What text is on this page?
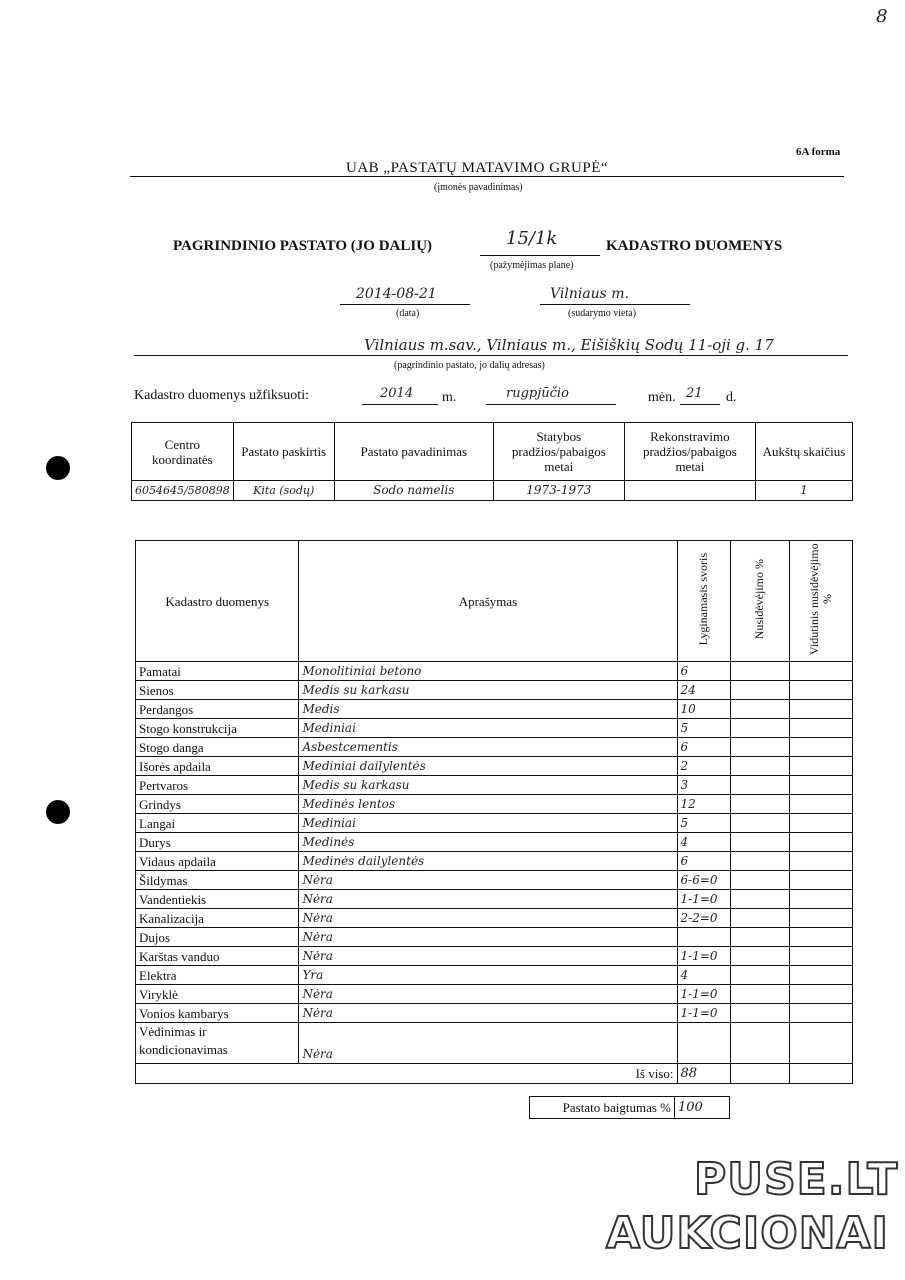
8
6A forma
UAB „PASTATŲ MATAVIMO GRUPĖ“
(įmonės pavadinimas)
PAGRINDINIO PASTATO (JO DALIŲ)	15/1k	KADASTRO DUOMENYS
(pažymėjimas plane)
2014-08-21
(data)
Vilniaus m.
(sudarymo vieta)
Vilniaus m.sav., Vilniaus m., Eišiškių Sodų 11-oji g. 17
(pagrindinio pastato, jo dalių adresas)
Kadastro duomenys užfiksuoti:	2014 m.	rugpjūčio	mėn. 21 d.
Centro koordinatės	Pastato paskirtis	Pastato pavadinimas	Statybos pradžios/pabaigos metai	Rekonstravimo pradžios/pabaigos metai	Aukštų skaičius
6054645/580898	Kita (sodų)	Sodo namelis	1973-1973		1
Kadastro duomenys	Aprašymas	Lyginamasis svoris	Nusidėvėjimo %	Vidutinis nusidėvėjimo %
Pamatai	Monolitiniai betono	6		
Sienos	Medis su karkasu	24		
Perdangos	Medis	10		
Stogo konstrukcija	Mediniai	5		
Stogo danga	Asbestcementis	6		
Išorės apdaila	Mediniai dailylentės	2		
Pertvaros	Medis su karkasu	3		
Grindys	Medinės lentos	12		
Langai	Mediniai	5		
Durys	Medinės	4		
Vidaus apdaila	Medinės dailylentės	6		
Šildymas	Nėra	6-6=0		
Vandentiekis	Nėra	1-1=0		
Kanalizacija	Nėra	2-2=0		
Dujos	Nėra			
Karštas vanduo	Nėra	1-1=0		
Elektra	Yra	4		
Viryklė	Nėra	1-1=0		
Vonios kambarys	Nėra	1-1=0		
Vėdinimas ir
kondicionavimas	Nėra			
	Iš viso:	88		
Pastato baigtumas %	100
PUSE.LT
AUKCIONAI
